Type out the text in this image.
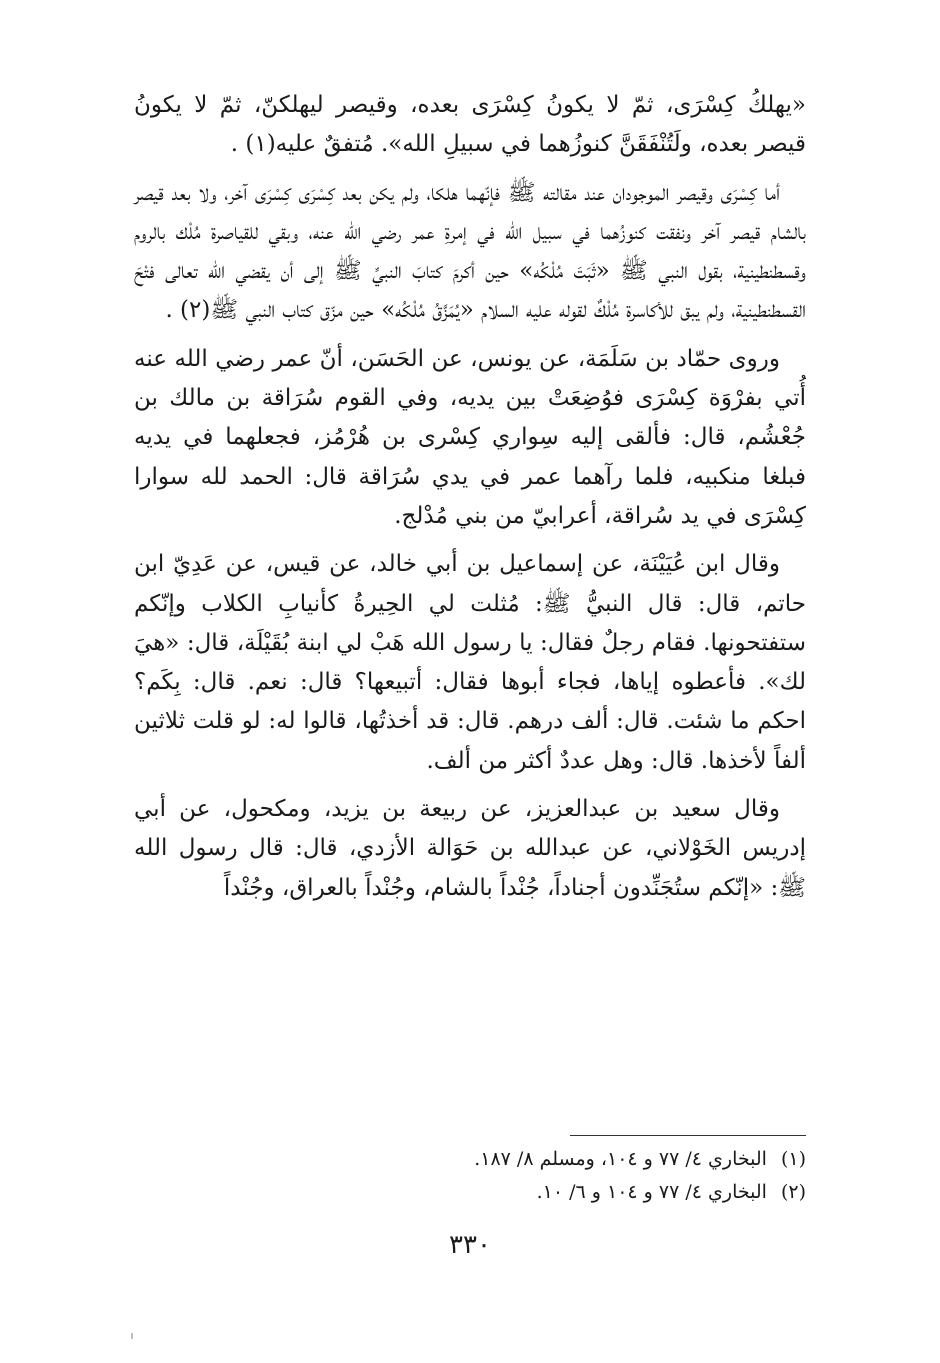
«يهلكُ كِسْرَى، ثمّ لا يكونُ كِسْرَى بعده، وقيصر ليهلكنّ، ثمّ لا يكونُ قيصر بعده، ولَتُنْفَقَنَّ كنوزُهما في سبيلِ الله». مُتفقٌ عليه(١) .

أما كِسْرَى وقيصر الموجودان عند مقالته ﷺ فإنّهما هلكا، ولم يكن بعد كِسْرَى كِسْرَى آخر، ولا بعد قيصر بالشام قيصر آخر ونفقت كنوزُهما في سبيل الله في إمرةِ عمر رضي الله عنه، وبقي للقياصرة مُلْك بالروم وقسطنطينية، بقول النبي ﷺ «ثَبَتَ مُلْكُه» حين أكرمَ كتابَ النبيِّ ﷺ إلى أن يقضي الله تعالى فتْحَ القسطنطينية، ولم يبق للأكاسرة مُلْكٌ لقوله عليه السلام «يُمَزَّقُ مُلْكُه» حين مزّق كتاب النبي ﷺ(٢) .

وروى حمّاد بن سَلَمَة، عن يونس، عن الحَسَن، أنّ عمر رضي الله عنه أُتي بفرْوَة كِسْرَى فوُضِعَتْ بين يديه، وفي القوم سُرَاقة بن مالك بن جُعْشُم، قال: فألقى إليه سِواري كِسْرى بن هُرْمُز، فجعلهما في يديه فبلغا منكبيه، فلما رآهما عمر في يدي سُرَاقة قال: الحمد لله سوارا كِسْرَى في يد سُراقة، أعرابيّ من بني مُدْلج.

وقال ابن عُيَيْنَة، عن إسماعيل بن أبي خالد، عن قيس، عن عَدِيّ ابن حاتم، قال: قال النبيُّ ﷺ: مُثلت لي الحِيرةُ كأنيابِ الكلاب وإنّكم ستفتحونها. فقام رجلٌ فقال: يا رسول الله هَبْ لي ابنة بُقَيْلَة، قال: «هيَ لك». فأعطوه إياها، فجاء أبوها فقال: أتبيعها؟ قال: نعم. قال: بِكَم؟ احكم ما شئت. قال: ألف درهم. قال: قد أخذتُها، قالوا له: لو قلت ثلاثين ألفاً لأخذها. قال: وهل عددٌ أكثر من ألف.

وقال سعيد بن عبدالعزيز، عن ربيعة بن يزيد، ومكحول، عن أبي إدريس الخَوْلاني، عن عبدالله بن حَوَالة الأزدي، قال: قال رسول الله ﷺ: «إنّكم ستُجَنِّدون أجناداً، جُنْداً بالشام، وجُنْداً بالعراق، وجُنْداً

(١)البخاري ٤/ ٧٧ و ١٠٤، ومسلم ٨/ ١٨٧.

(٢)البخاري ٤/ ٧٧ و ١٠٤ و ٦/ ١٠.

٣٣٠
